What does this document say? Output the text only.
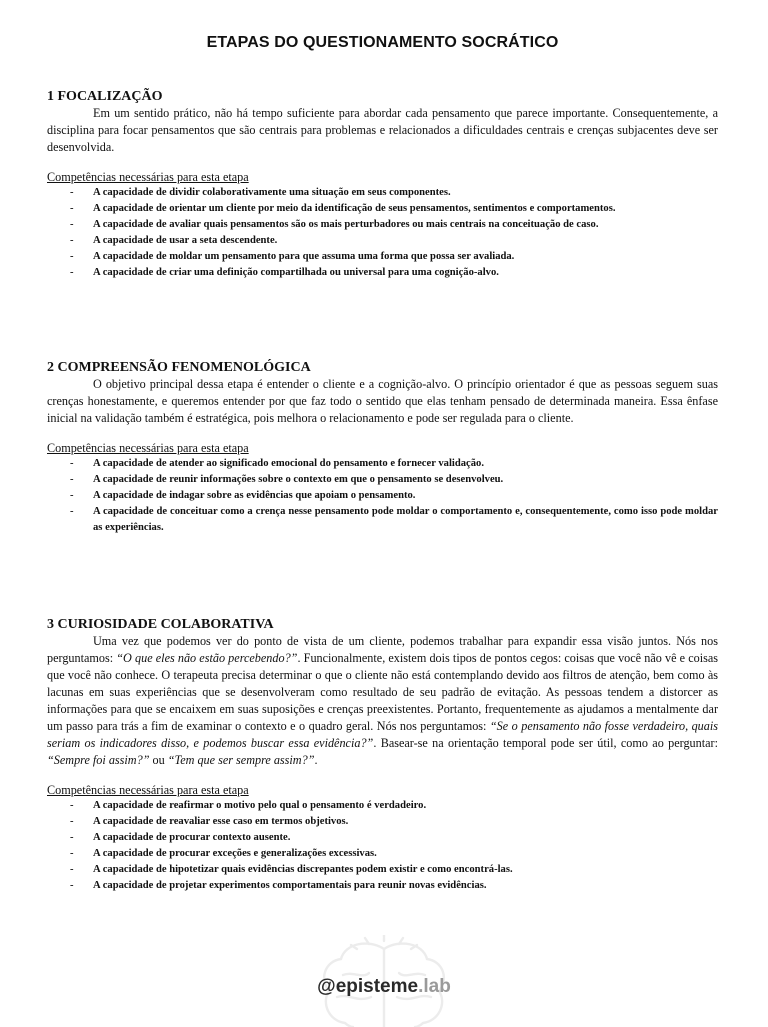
ETAPAS DO QUESTIONAMENTO SOCRÁTICO
1 FOCALIZAÇÃO

Em um sentido prático, não há tempo suficiente para abordar cada pensamento que parece importante. Consequentemente, a disciplina para focar pensamentos que são centrais para problemas e relacionados a dificuldades centrais e crenças subjacentes deve ser desenvolvida.

Competências necessárias para esta etapa

- A capacidade de dividir colaborativamente uma situação em seus componentes.
- A capacidade de orientar um cliente por meio da identificação de seus pensamentos, sentimentos e comportamentos.
- A capacidade de avaliar quais pensamentos são os mais perturbadores ou mais centrais na conceituação de caso.
- A capacidade de usar a seta descendente.
- A capacidade de moldar um pensamento para que assuma uma forma que possa ser avaliada.
- A capacidade de criar uma definição compartilhada ou universal para uma cognição-alvo.
2 COMPREENSÃO FENOMENOLÓGICA

O objetivo principal dessa etapa é entender o cliente e a cognição-alvo. O princípio orientador é que as pessoas seguem suas crenças honestamente, e queremos entender por que faz todo o sentido que elas tenham pensado de determinada maneira. Essa ênfase inicial na validação também é estratégica, pois melhora o relacionamento e pode ser regulada para o cliente.

Competências necessárias para esta etapa

- A capacidade de atender ao significado emocional do pensamento e fornecer validação.
- A capacidade de reunir informações sobre o contexto em que o pensamento se desenvolveu.
- A capacidade de indagar sobre as evidências que apoiam o pensamento.
- A capacidade de conceituar como a crença nesse pensamento pode moldar o comportamento e, consequentemente, como isso pode moldar as experiências.
3 CURIOSIDADE COLABORATIVA

Uma vez que podemos ver do ponto de vista de um cliente, podemos trabalhar para expandir essa visão juntos. Nós nos perguntamos: “O que eles não estão percebendo?”. Funcionalmente, existem dois tipos de pontos cegos: coisas que você não vê e coisas que você não conhece. O terapeuta precisa determinar o que o cliente não está contemplando devido aos filtros de atenção, bem como às lacunas em suas experiências que se desenvolveram como resultado de seu padrão de evitação. As pessoas tendem a distorcer as informações para que se encaixem em suas suposições e crenças preexistentes. Portanto, frequentemente as ajudamos a mentalmente dar um passo para trás a fim de examinar o contexto e o quadro geral. Nós nos perguntamos: “Se o pensamento não fosse verdadeiro, quais seriam os indicadores disso, e podemos buscar essa evidência?”. Basear-se na orientação temporal pode ser útil, como ao perguntar: “Sempre foi assim?” ou “Tem que ser sempre assim?”.

Competências necessárias para esta etapa

- A capacidade de reafirmar o motivo pelo qual o pensamento é verdadeiro.
- A capacidade de reavaliar esse caso em termos objetivos.
- A capacidade de procurar contexto ausente.
- A capacidade de procurar exceções e generalizações excessivas.
- A capacidade de hipotetizar quais evidências discrepantes podem existir e como encontrá-las.
- A capacidade de projetar experimentos comportamentais para reunir novas evidências.
@episteme.lab
